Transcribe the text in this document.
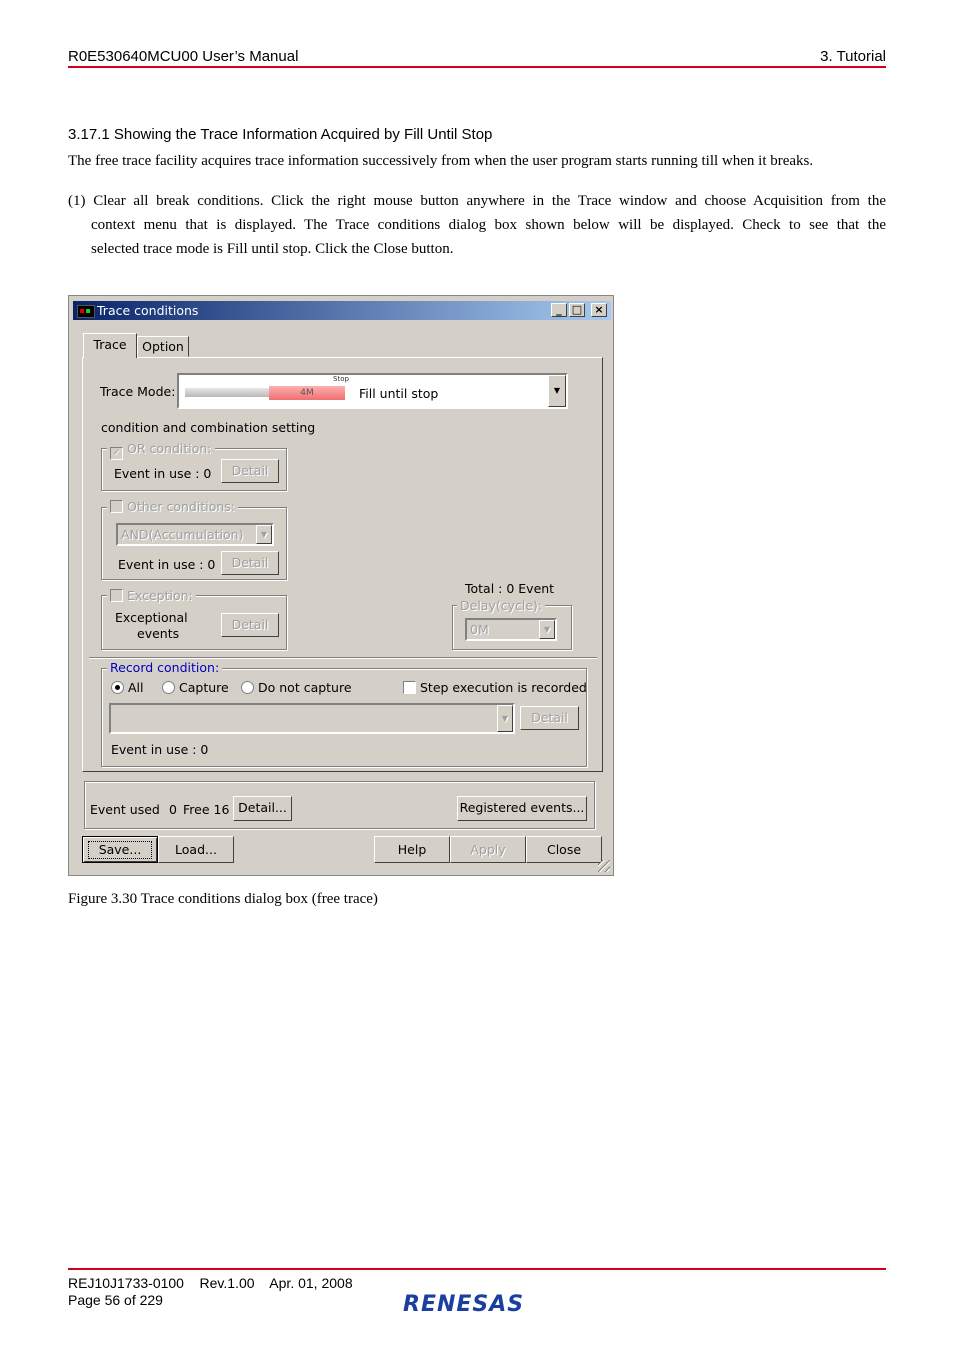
R0E530640MCU00 User’s Manual	3. Tutorial
3.17.1 Showing the Trace Information Acquired by Fill Until Stop
The free trace facility acquires trace information successively from when the user program starts running till when it breaks.
(1) Clear all break conditions. Click the right mouse button anywhere in the Trace window and choose Acquisition from the
context menu that is displayed. The Trace conditions dialog box shown below will be displayed. Check to see that the
selected trace mode is Fill until stop. Click the Close button.
Trace conditions	_ □	×
Trace	Option
Trace Mode:	4M
Stop
Fill until stop	▼
condition and combination setting
✓ OR condition:
Event in use : 0	Detail
Other conditions:
AND(Accumulation)	▼
Event in use : 0	Detail
Exception:
Exceptional
events
Detail
Total : 0 Event
Delay(cycle):
0M	▼
Record condition:
All	Capture	Do not capture	Step execution is recorded
▼	Detail
Event in use : 0
Event used 0 Free 16 Detail...	Registered events...
Save...	Load...	Help	Apply	Close
Figure 3.30 Trace conditions dialog box (free trace)
REJ10J1733-0100    Rev.1.00    Apr. 01, 2008
Page 56 of 229	RENESAS
